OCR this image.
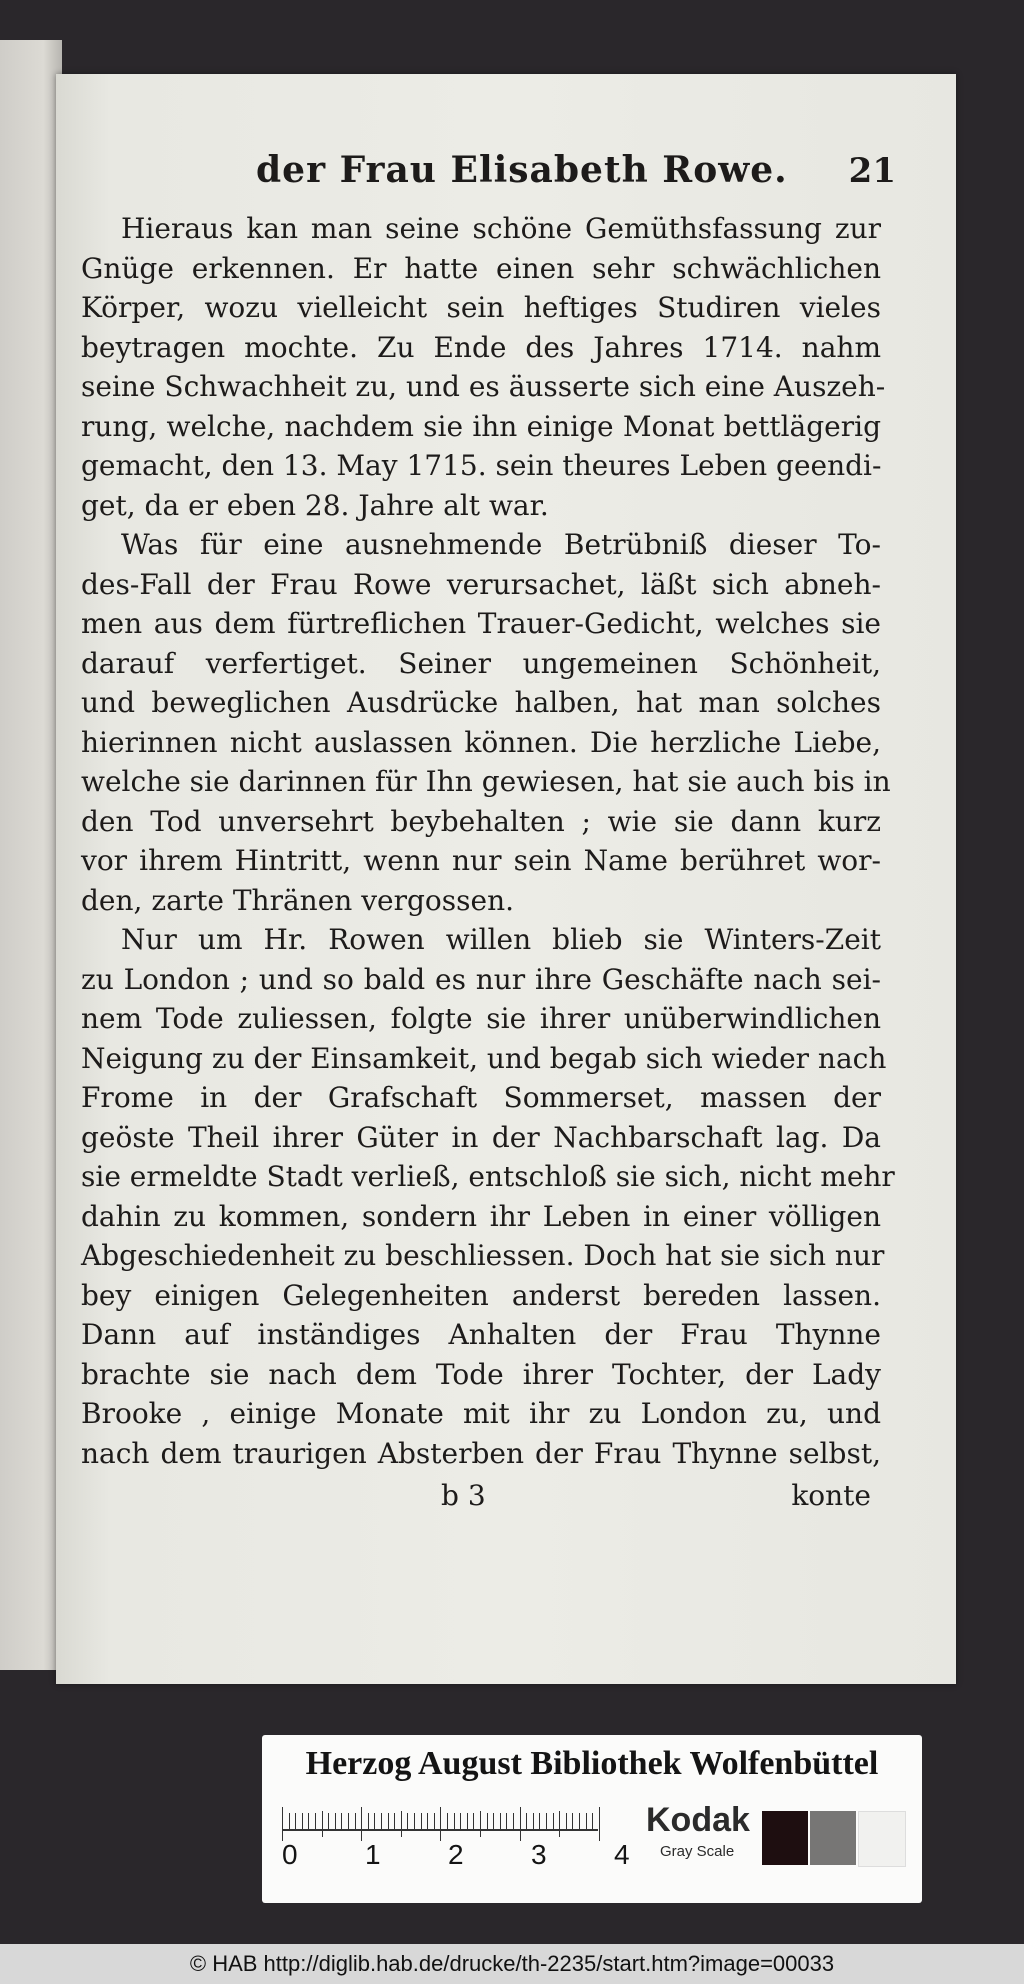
der Frau Elisabeth Rowe. 21
Hieraus kan man seine schöne Gemüthsfassung zur
Gnüge erkennen. Er hatte einen sehr schwächlichen
Körper, wozu vielleicht sein heftiges Studiren vieles
beytragen mochte. Zu Ende des Jahres 1714. nahm
seine Schwachheit zu, und es äusserte sich eine Auszeh-
rung, welche, nachdem sie ihn einige Monat bettlägerig
gemacht, den 13. May 1715. sein theures Leben geendi-
get, da er eben 28. Jahre alt war.
Was für eine ausnehmende Betrübniß dieser To-
des-Fall der Frau Rowe verursachet, läßt sich abneh-
men aus dem fürtreflichen Trauer-Gedicht, welches sie
darauf verfertiget. Seiner ungemeinen Schönheit,
und beweglichen Ausdrücke halben, hat man solches
hierinnen nicht auslassen können. Die herzliche Liebe,
welche sie darinnen für Ihn gewiesen, hat sie auch bis in
den Tod unversehrt beybehalten ; wie sie dann kurz
vor ihrem Hintritt, wenn nur sein Name berühret wor-
den, zarte Thränen vergossen.
Nur um Hr. Rowen willen blieb sie Winters-Zeit
zu London ; und so bald es nur ihre Geschäfte nach sei-
nem Tode zuliessen, folgte sie ihrer unüberwindlichen
Neigung zu der Einsamkeit, und begab sich wieder nach
Frome in der Grafschaft Sommerset, massen der
geöste Theil ihrer Güter in der Nachbarschaft lag. Da
sie ermeldte Stadt verließ, entschloß sie sich, nicht mehr
dahin zu kommen, sondern ihr Leben in einer völligen
Abgeschiedenheit zu beschliessen. Doch hat sie sich nur
bey einigen Gelegenheiten anderst bereden lassen.
Dann auf inständiges Anhalten der Frau Thynne
brachte sie nach dem Tode ihrer Tochter, der Lady
Brooke , einige Monate mit ihr zu London zu, und
nach dem traurigen Absterben der Frau Thynne selbst,
b 3	konte
Herzog August Bibliothek Wolfenbüttel
0 1 2 3 4
Kodak
Gray Scale
© HAB http://diglib.hab.de/drucke/th-2235/start.htm?image=00033
